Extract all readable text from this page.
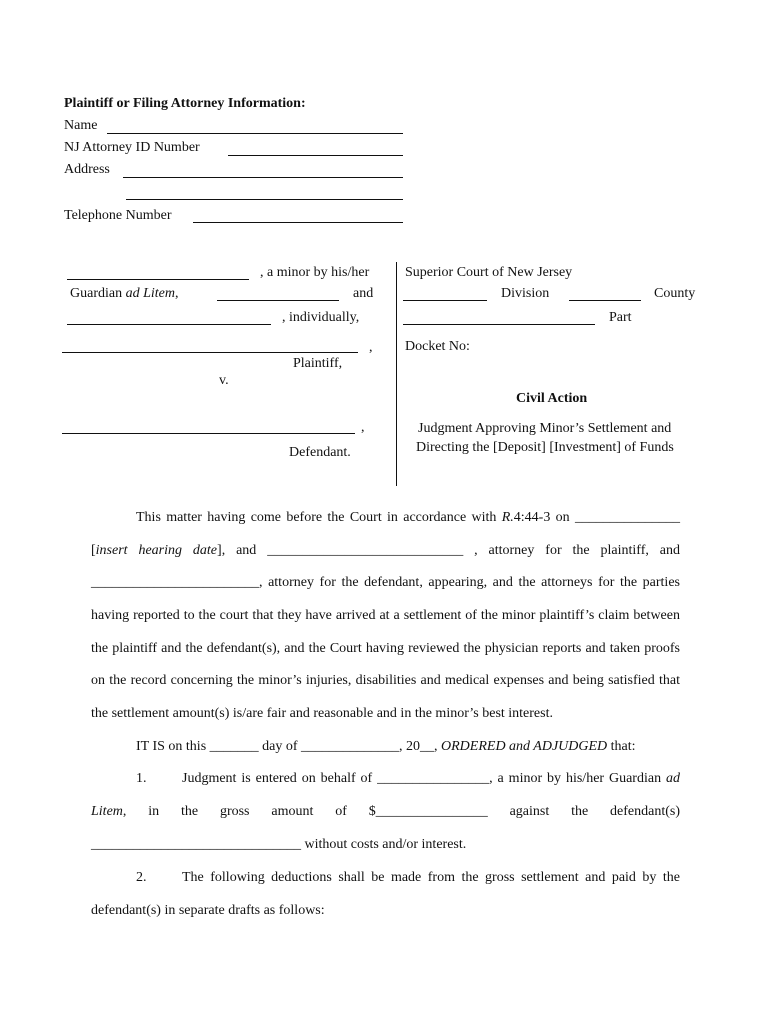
Plaintiff or Filing Attorney Information:
Name
NJ Attorney ID Number
Address
Telephone Number
, a minor by his/her
Guardian ad Litem,	and
, individually,
,
Plaintiff,
v.
,
Defendant.
Superior Court of New Jersey
Division	County
Part
Docket No:
Civil Action
Judgment Approving Minor’s Settlement and
Directing the [Deposit] [Investment] of Funds
This matter having come before the Court in accordance with R.4:44-3 on _______________
[insert hearing date], and ____________________________ , attorney for the plaintiff, and
________________________, attorney for the defendant, appearing, and the attorneys for the parties
having reported to the court that they have arrived at a settlement of the minor plaintiff’s claim between
the plaintiff and the defendant(s), and the Court having reviewed the physician reports and taken proofs
on the record concerning the minor’s injuries, disabilities and medical expenses and being satisfied that
the settlement amount(s) is/are fair and reasonable and in the minor’s best interest.
IT IS on this _______ day of ______________, 20__, ORDERED and ADJUDGED that:
1.	Judgment is entered on behalf of ________________, a minor by his/her Guardian ad
Litem, in the gross amount of $________________ against the defendant(s)
______________________________ without costs and/or interest.
2.	The following deductions shall be made from the gross settlement and paid by the
defendant(s) in separate drafts as follows:
